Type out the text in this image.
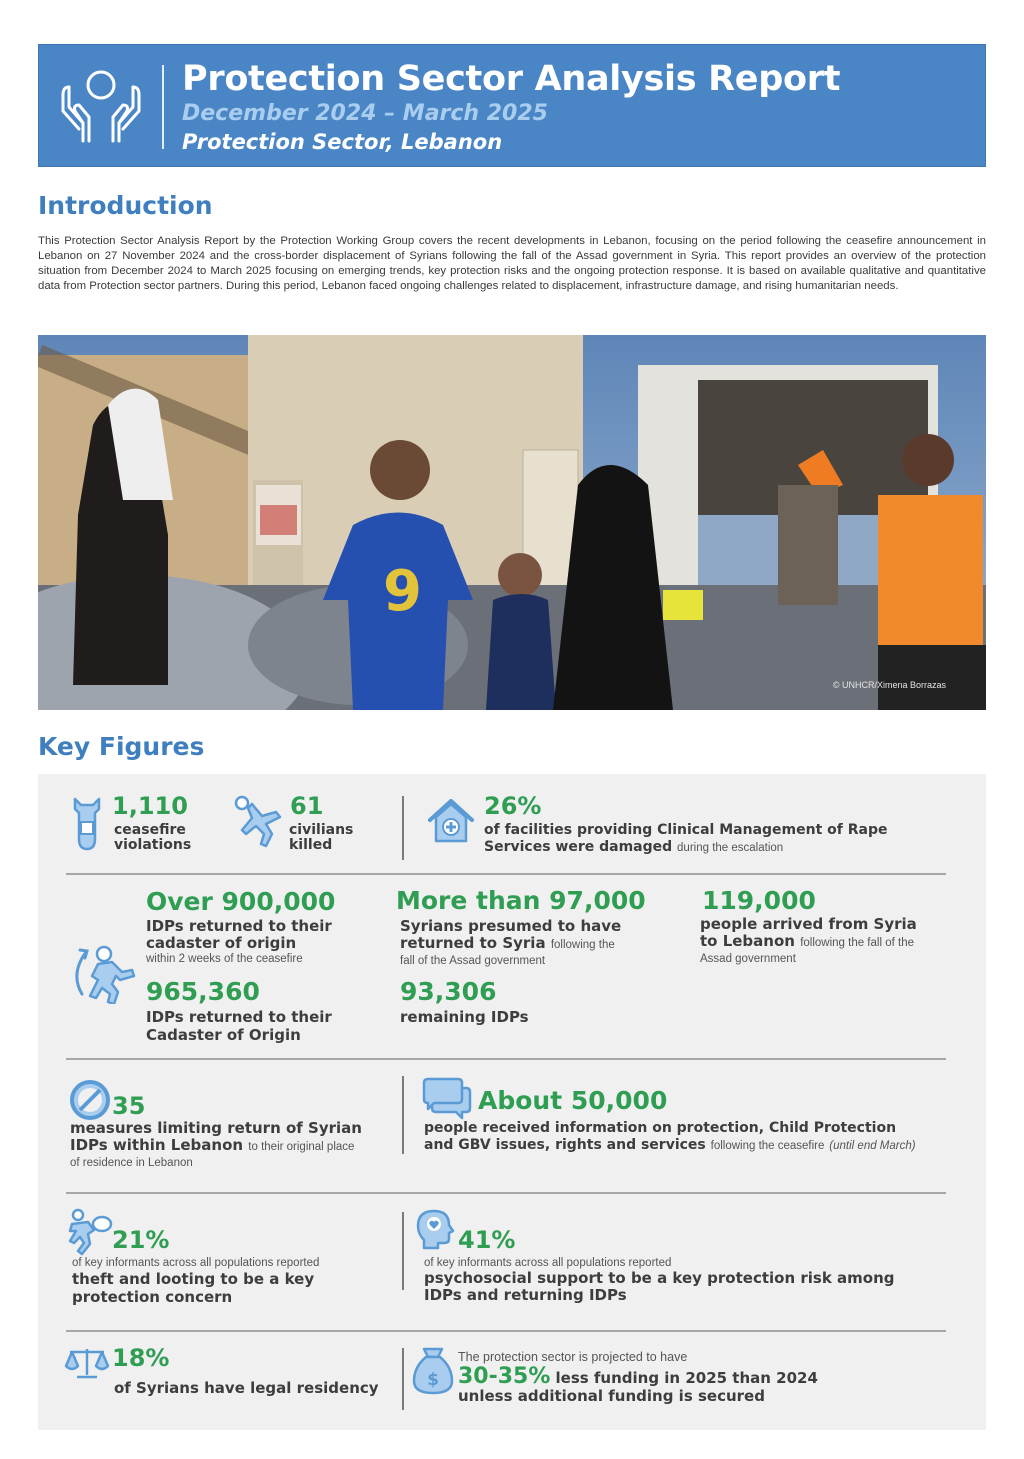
Protection Sector Analysis Report
December 2024 – March 2025
Protection Sector, Lebanon
Introduction

This Protection Sector Analysis Report by the Protection Working Group covers the recent developments in Lebanon, focusing on the period following the ceasefire announcement in Lebanon on 27 November 2024 and the cross-border displacement of Syrians following the fall of the Assad government in Syria. This report provides an overview of the protection situation from December 2024 to March 2025 focusing on emerging trends, key protection risks and the ongoing protection response. It is based on available qualitative and quantitative data from Protection sector partners. During this period, Lebanon faced ongoing challenges related to displacement, infrastructure damage, and rising humanitarian needs.

9
© UNHCR/Ximena Borrazas
Key Figures
1,110
ceasefire
violations
61
civilians
killed
26%
of facilities providing Clinical Management of Rape
Services were damaged during the escalation
Over 900,000
IDPs returned to their
cadaster of origin
within 2 weeks of the ceasefire
965,360
IDPs returned to their
Cadaster of Origin
More than 97,000
Syrians presumed to have
returned to Syria following the
fall of the Assad government
93,306
remaining IDPs
119,000
people arrived from Syria
to Lebanon following the fall of the
Assad government
35
measures limiting return of Syrian
IDPs within Lebanon to their original place
of residence in Lebanon
About 50,000
people received information on protection, Child Protection
and GBV issues, rights and services following the ceasefire (until end March)
21%
of key informants across all populations reported
theft and looting to be a key
protection concern
41%
of key informants across all populations reported
psychosocial support to be a key protection risk among
IDPs and returning IDPs
18%
of Syrians have legal residency	$
The protection sector is projected to have
30-35% less funding in 2025 than 2024
unless additional funding is secured
